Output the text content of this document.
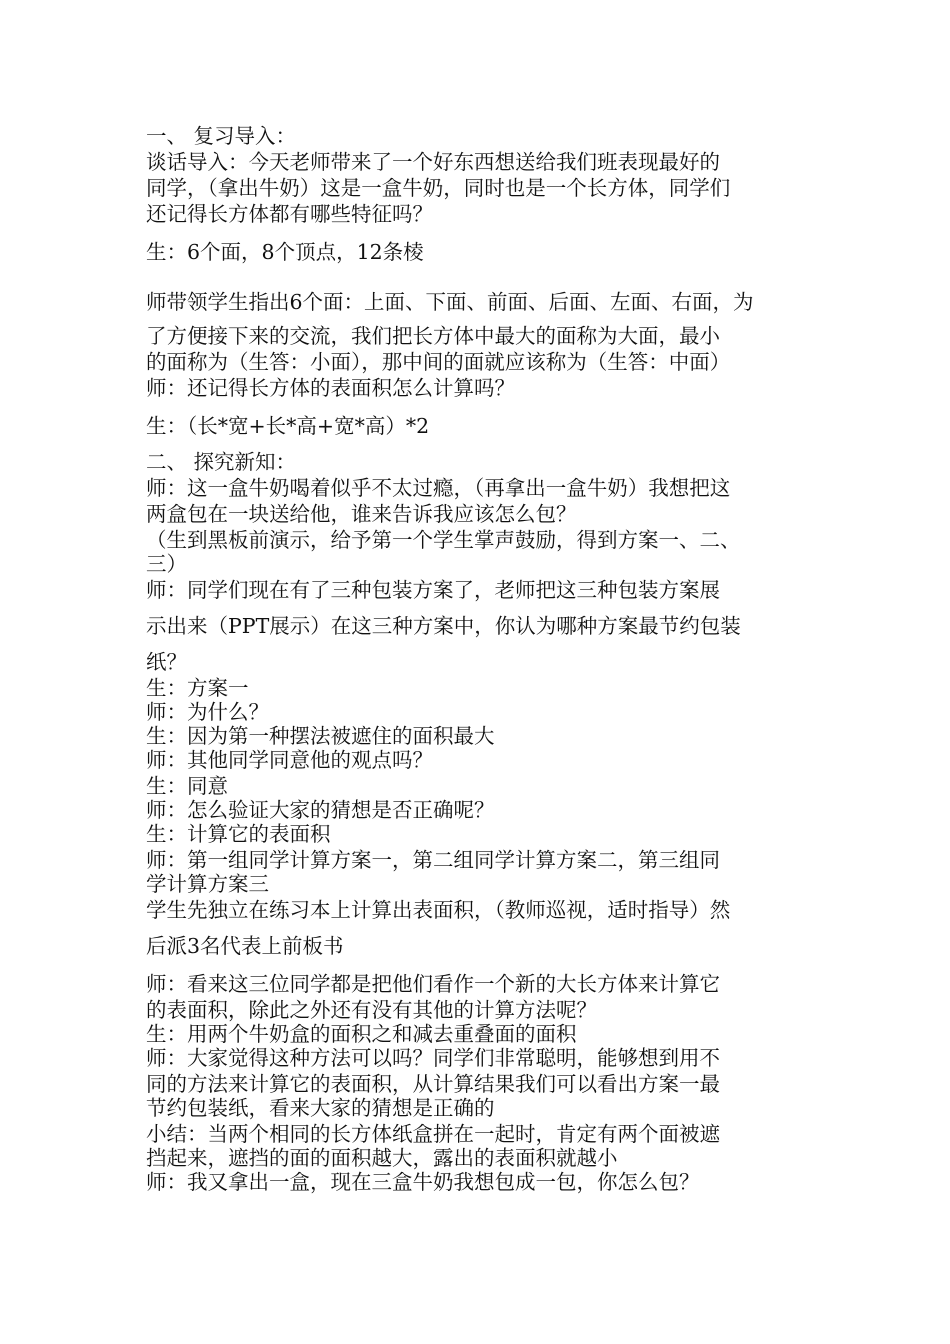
一、 复习导入：
谈话导入：今天老师带来了一个好东西想送给我们班表现最好的
同学，（拿出牛奶）这是一盒牛奶，同时也是一个长方体，同学们
还记得长方体都有哪些特征吗？
生：6个面，8个顶点，12条棱
师带领学生指出6个面：上面、下面、前面、后面、左面、右面，为
了方便接下来的交流，我们把长方体中最大的面称为大面，最小
的面称为（生答：小面），那中间的面就应该称为（生答：中面）
师：还记得长方体的表面积怎么计算吗？
生：（长*宽+长*高+宽*高）*2
二、 探究新知：
师：这一盒牛奶喝着似乎不太过瘾，（再拿出一盒牛奶）我想把这
两盒包在一块送给他，谁来告诉我应该怎么包？
（生到黑板前演示，给予第一个学生掌声鼓励，得到方案一、二、
三）
师：同学们现在有了三种包装方案了，老师把这三种包装方案展
示出来（PPT展示）在这三种方案中，你认为哪种方案最节约包装
纸？
生：方案一
师：为什么？
生：因为第一种摆法被遮住的面积最大
师：其他同学同意他的观点吗？
生：同意
师：怎么验证大家的猜想是否正确呢？
生：计算它的表面积
师：第一组同学计算方案一，第二组同学计算方案二，第三组同
学计算方案三
学生先独立在练习本上计算出表面积，（教师巡视，适时指导）然
后派3名代表上前板书
师：看来这三位同学都是把他们看作一个新的大长方体来计算它
的表面积，除此之外还有没有其他的计算方法呢？
生：用两个牛奶盒的面积之和减去重叠面的面积
师：大家觉得这种方法可以吗？同学们非常聪明，能够想到用不
同的方法来计算它的表面积，从计算结果我们可以看出方案一最
节约包装纸，看来大家的猜想是正确的
小结：当两个相同的长方体纸盒拼在一起时，肯定有两个面被遮
挡起来，遮挡的面的面积越大，露出的表面积就越小
师：我又拿出一盒，现在三盒牛奶我想包成一包，你怎么包？
